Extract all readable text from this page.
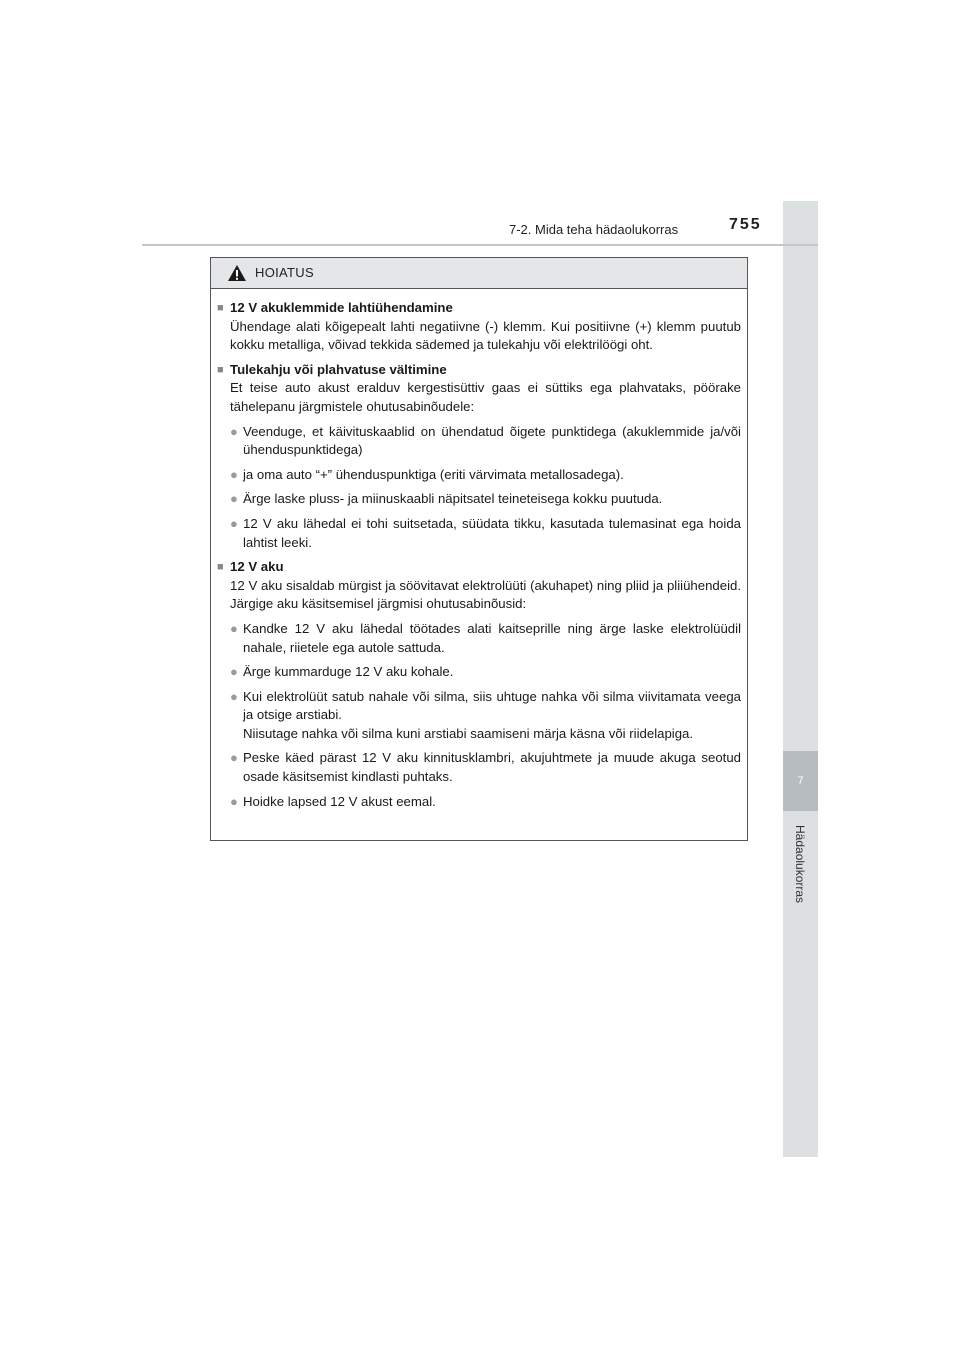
7
Hädaolukorras
7-2. Mida teha hädaolukorras	755
HOIATUS
■ 12 V akuklemmide lahtiühendamine
Ühendage alati kõigepealt lahti negatiivne (-) klemm. Kui positiivne (+) klemm puutub kokku metalliga, võivad tekkida sädemed ja tulekahju või elektrilöögi oht.
■ Tulekahju või plahvatuse vältimine
Et teise auto akust eralduv kergestisüttiv gaas ei süttiks ega plahvataks, pöörake tähelepanu järgmistele ohutusabinõudele:
● Veenduge, et käivituskaablid on ühendatud õigete punktidega (akuklemmide ja/või ühenduspunktidega)
● ja oma auto “+” ühenduspunktiga (eriti värvimata metallosadega).
● Ärge laske pluss- ja miinuskaabli näpitsatel teineteisega kokku puutuda.
● 12 V aku lähedal ei tohi suitsetada, süüdata tikku, kasutada tulemasinat ega hoida lahtist leeki.
■ 12 V aku
12 V aku sisaldab mürgist ja söövitavat elektrolüüti (akuhapet) ning pliid ja pliiühendeid. Järgige aku käsitsemisel järgmisi ohutusabinõusid:
● Kandke 12 V aku lähedal töötades alati kaitseprille ning ärge laske elektrolüüdil nahale, riietele ega autole sattuda.
● Ärge kummarduge 12 V aku kohale.
● Kui elektrolüüt satub nahale või silma, siis uhtuge nahka või silma viivitamata veega ja otsige arstiabi.
Niisutage nahka või silma kuni arstiabi saamiseni märja käsna või riidelapiga.
● Peske käed pärast 12 V aku kinnitusklambri, akujuhtmete ja muude akuga seotud osade käsitsemist kindlasti puhtaks.
● Hoidke lapsed 12 V akust eemal.
